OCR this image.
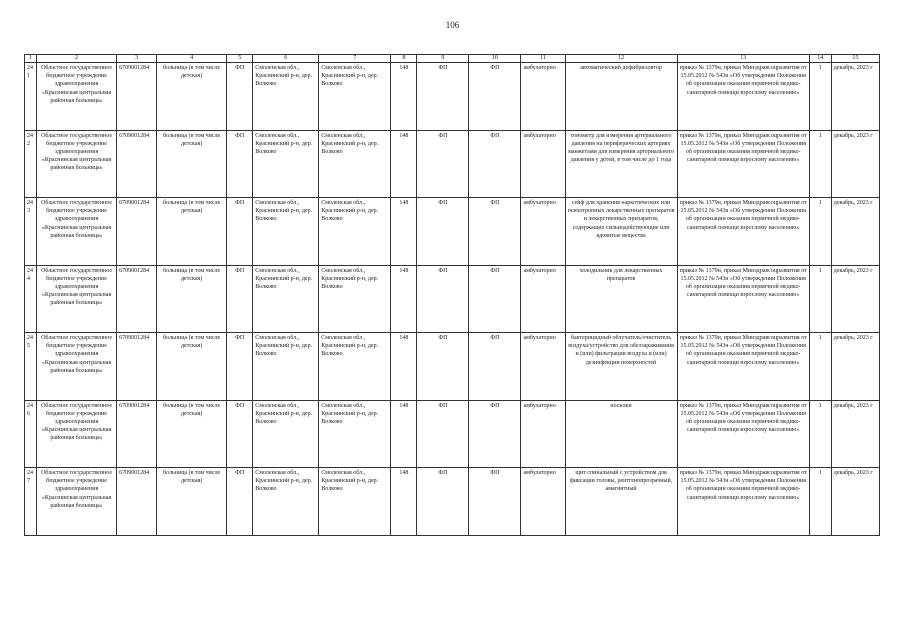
106
1	2	3	4	5	6	7	8	9	10	11	12	13	14	15
241	Областное государственное бюджетное учреждение здравоохранения «Краснинская центральная районная больница»	6709001284	больница (в том числе детская)	ФП	Смоленская обл., Краснинский р-н, дер. Волково	Смоленская обл., Краснинский р-н, дер. Волково	148	ФП	ФП	амбулаторно	автоматический дефибриллятор	приказ № 1379н, приказ Минздравсоцразвития от 15.05.2012 № 543н «Об утверждении Положения об организации оказания первичной медико-санитарной помощи взрослому населению»	1	декабрь, 2023 г
242	Областное государственное бюджетное учреждение здравоохранения «Краснинская центральная районная больница»	6709001284	больница (в том числе детская)	ФП	Смоленская обл., Краснинский р-н, дер. Волково	Смоленская обл., Краснинский р-н, дер. Волково	148	ФП	ФП	амбулаторно	тонометр для измерения артериального давления на периферических артериях манжетами для измерения артериального давления у детей, в том числе до 1 года	приказ № 1379н, приказ Минздравсоцразвития от 15.05.2012 № 543н «Об утверждении Положения об организации оказания первичной медико-санитарной помощи взрослому населению»	1	декабрь, 2023 г
243	Областное государственное бюджетное учреждение здравоохранения «Краснинская центральная районная больница»	6709001284	больница (в том числе детская)	ФП	Смоленская обл., Краснинский р-н, дер. Волково	Смоленская обл., Краснинский р-н, дер. Волково	148	ФП	ФП	амбулаторно	сейф для хранения наркотических или психотропных лекарственных препаратов и лекарственных препаратов, содержащих сильнодействующие или ядовитые вещества	приказ № 1379н, приказ Минздравсоцразвития от 15.05.2012 № 543н «Об утверждении Положения об организации оказания первичной медико-санитарной помощи взрослому населению»	1	декабрь, 2023 г
244	Областное государственное бюджетное учреждение здравоохранения «Краснинская центральная районная больница»	6709001284	больница (в том числе детская)	ФП	Смоленская обл., Краснинский р-н, дер. Волково	Смоленская обл., Краснинский р-н, дер. Волково	148	ФП	ФП	амбулаторно	холодильник для лекарственных препаратов	приказ № 1379н, приказ Минздравсоцразвития от 15.05.2012 № 543н «Об утверждении Положения об организации оказания первичной медико-санитарной помощи взрослому населению»	1	декабрь, 2023 г
245	Областное государственное бюджетное учреждение здравоохранения «Краснинская центральная районная больница»	6709001284	больница (в том числе детская)	ФП	Смоленская обл., Краснинский р-н, дер. Волково	Смоленская обл., Краснинский р-н, дер. Волково	148	ФП	ФП	амбулаторно	бактерицидный облучатель/очиститель воздуха/устройство для обеззараживания и (или) фильтрации воздуха и (или) дезинфекции поверхностей	приказ № 1379н, приказ Минздравсоцразвития от 15.05.2012 № 543н «Об утверждении Положения об организации оказания первичной медико-санитарной помощи взрослому населению»	1	декабрь, 2023 г
246	Областное государственное бюджетное учреждение здравоохранения «Краснинская центральная районная больница»	6709001284	больница (в том числе детская)	ФП	Смоленская обл., Краснинский р-н, дер. Волково	Смоленская обл., Краснинский р-н, дер. Волково	148	ФП	ФП	амбулаторно	носилки	приказ № 1379н, приказ Минздравсоцразвития от 15.05.2012 № 543н «Об утверждении Положения об организации оказания первичной медико-санитарной помощи взрослому населению»	1	декабрь, 2023 г
247	Областное государственное бюджетное учреждение здравоохранения «Краснинская центральная районная больница»	6709001284	больница (в том числе детская)	ФП	Смоленская обл., Краснинский р-н, дер. Волково	Смоленская обл., Краснинский р-н, дер. Волково	148	ФП	ФП	амбулаторно	щит спинальный с устройством для фиксации головы, рентгенопрозрачный, амагнитный	приказ № 1379н, приказ Минздравсоцразвития от 15.05.2012 № 543н «Об утверждении Положения об организации оказания первичной медико-санитарной помощи взрослому населению»	1	декабрь, 2023 г
